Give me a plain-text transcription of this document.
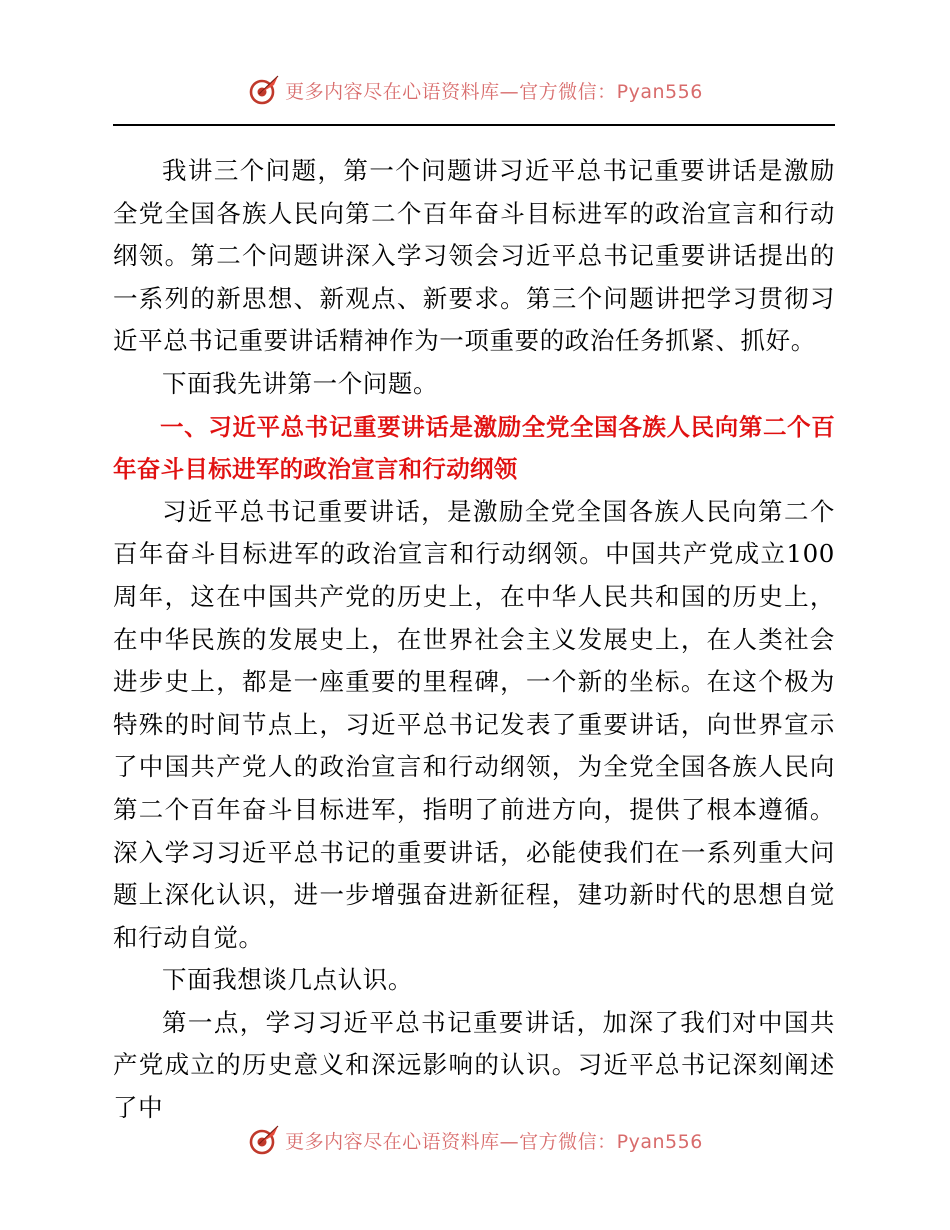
更多内容尽在心语资料库—官方微信：Pyan556

我讲三个问题，第一个问题讲习近平总书记重要讲话是激励全党全国各族人民向第二个百年奋斗目标进军的政治宣言和行动纲领。第二个问题讲深入学习领会习近平总书记重要讲话提出的一系列的新思想、新观点、新要求。第三个问题讲把学习贯彻习近平总书记重要讲话精神作为一项重要的政治任务抓紧、抓好。

下面我先讲第一个问题。

一、习近平总书记重要讲话是激励全党全国各族人民向第二个百年奋斗目标进军的政治宣言和行动纲领

习近平总书记重要讲话，是激励全党全国各族人民向第二个百年奋斗目标进军的政治宣言和行动纲领。中国共产党成立100周年，这在中国共产党的历史上，在中华人民共和国的历史上，在中华民族的发展史上，在世界社会主义发展史上，在人类社会进步史上，都是一座重要的里程碑，一个新的坐标。在这个极为特殊的时间节点上，习近平总书记发表了重要讲话，向世界宣示了中国共产党人的政治宣言和行动纲领，为全党全国各族人民向第二个百年奋斗目标进军，指明了前进方向，提供了根本遵循。深入学习习近平总书记的重要讲话，必能使我们在一系列重大问题上深化认识，进一步增强奋进新征程，建功新时代的思想自觉和行动自觉。

下面我想谈几点认识。

第一点，学习习近平总书记重要讲话，加深了我们对中国共产党成立的历史意义和深远影响的认识。习近平总书记深刻阐述了中

更多内容尽在心语资料库—官方微信：Pyan556
